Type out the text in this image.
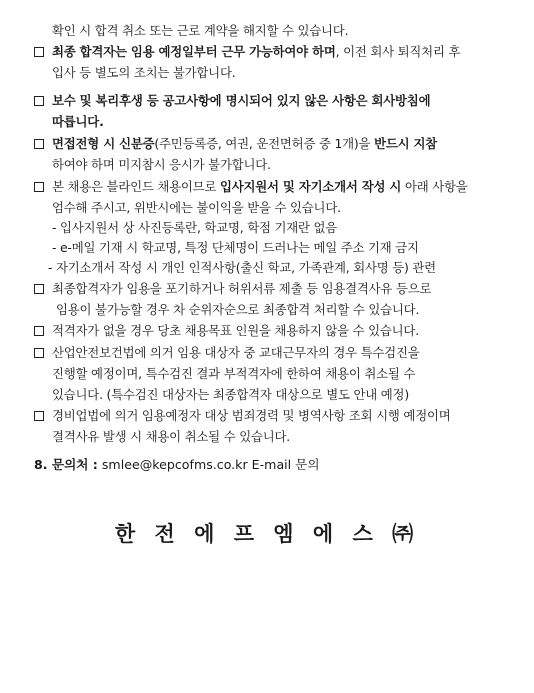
확인 시 합격 취소 또는 근로 계약을 해지할 수 있습니다.
최종 합격자는 임용 예정일부터 근무 가능하여야 하며, 이전 회사 퇴직처리 후
입사 등 별도의 조치는 불가합니다.
보수 및 복리후생 등 공고사항에 명시되어 있지 않은 사항은 회사방침에
따릅니다.
면접전형 시 신분증(주민등록증, 여권, 운전면허증 중 1개)을 반드시 지참
하여야 하며 미지참시 응시가 불가합니다.
본 채용은 블라인드 채용이므로 입사지원서 및 자기소개서 작성 시 아래 사항을
엄수해 주시고, 위반시에는 불이익을 받을 수 있습니다.
- 입사지원서 상 사진등록란, 학교명, 학점 기재란 없음
- e-메일 기재 시 학교명, 특정 단체명이 드러나는 메일 주소 기재 금지
- 자기소개서 작성 시 개인 인적사항(출신 학교, 가족관계, 회사명 등) 관련
최종합격자가 임용을 포기하거나 허위서류 제출 등 임용결격사유 등으로
임용이 불가능할 경우 차 순위자순으로 최종합격 처리할 수 있습니다.
적격자가 없을 경우 당초 채용목표 인원을 채용하지 않을 수 있습니다.
산업안전보건법에 의거 임용 대상자 중 교대근무자의 경우 특수검진을
진행할 예정이며, 특수검진 결과 부적격자에 한하여 채용이 취소될 수
있습니다. (특수검진 대상자는 최종합격자 대상으로 별도 안내 예정)
경비업법에 의거 임용예정자 대상 범죄경력 및 병역사항 조회 시행 예정이며
결격사유 발생 시 채용이 취소될 수 있습니다.
8. 문의처 : smlee@kepcofms.co.kr E-mail 문의
한 전 에 프 엠 에 스 ㈜
